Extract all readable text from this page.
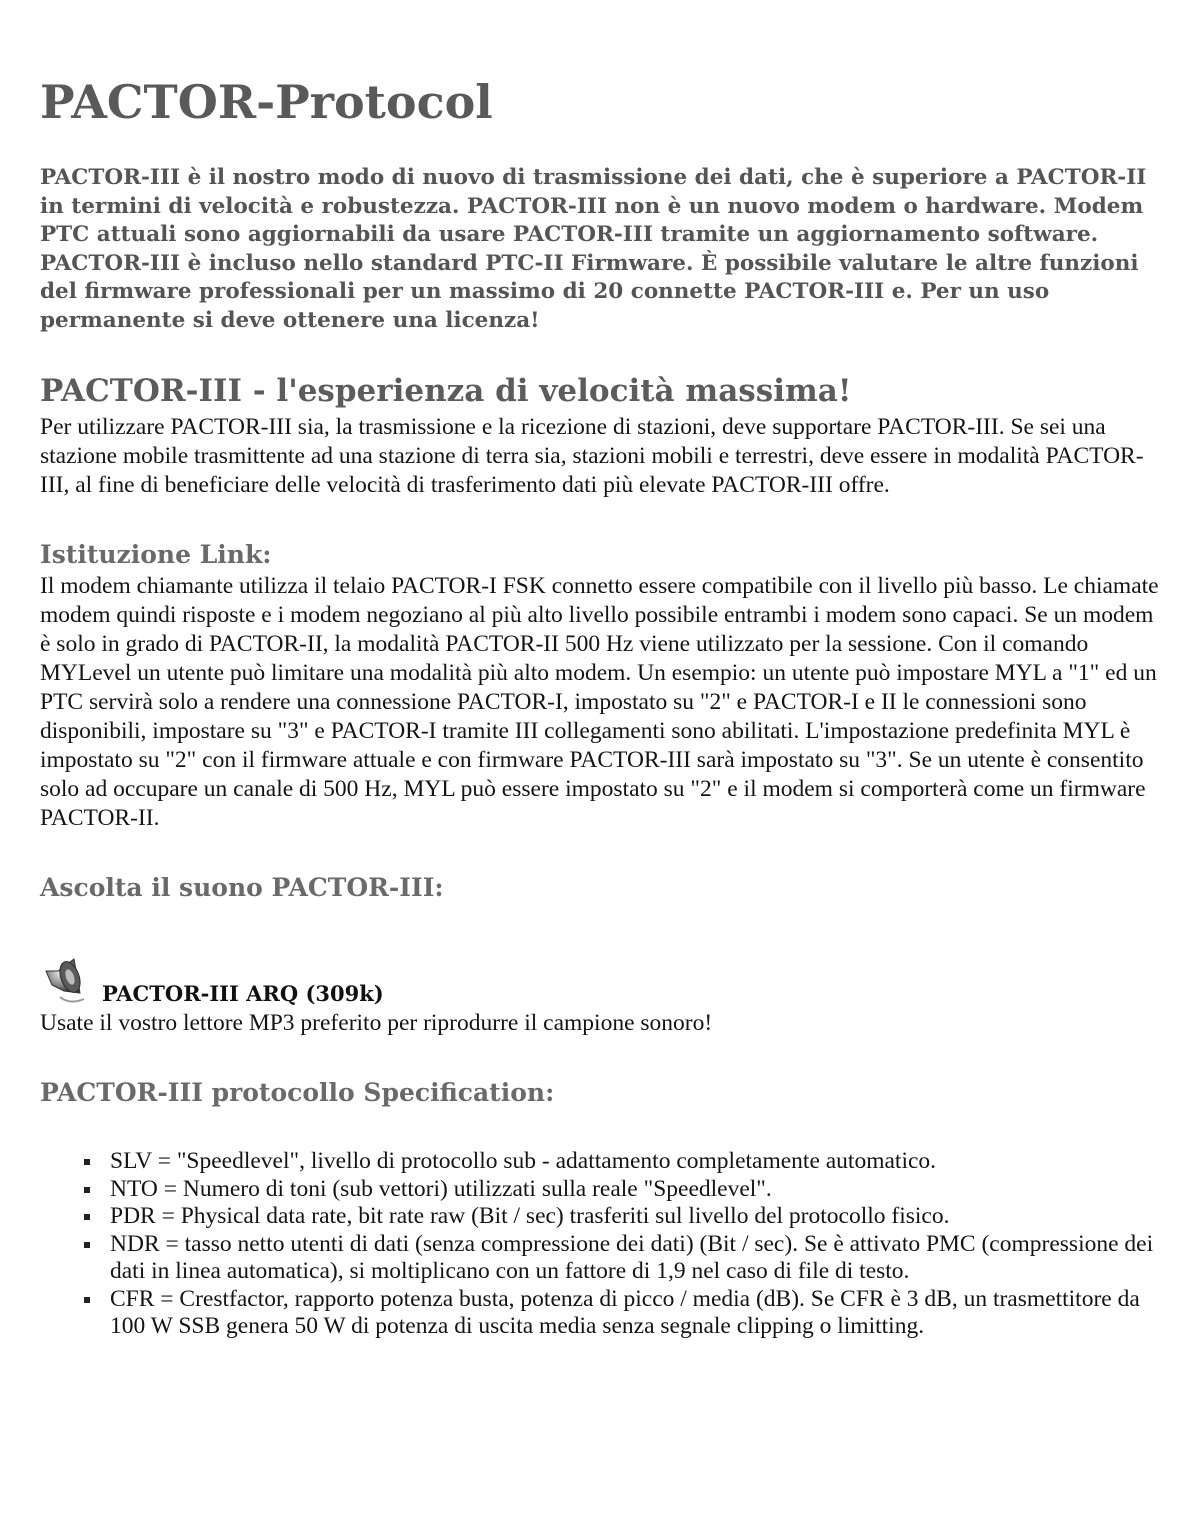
PACTOR-Protocol

PACTOR-III è il nostro modo di nuovo di trasmissione dei dati, che è superiore a PACTOR-II in termini di velocità e robustezza. PACTOR-III non è un nuovo modem o hardware. Modem PTC attuali sono aggiornabili da usare PACTOR-III tramite un aggiornamento software. PACTOR-III è incluso nello standard PTC-II Firmware. È possibile valutare le altre funzioni del firmware professionali per un massimo di 20 connette PACTOR-III e. Per un uso permanente si deve ottenere una licenza!

PACTOR-III - l'esperienza di velocità massima!

Per utilizzare PACTOR-III sia, la trasmissione e la ricezione di stazioni, deve supportare PACTOR-III. Se sei una stazione mobile trasmittente ad una stazione di terra sia, stazioni mobili e terrestri, deve essere in modalità PACTOR-III, al fine di beneficiare delle velocità di trasferimento dati più elevate PACTOR-III offre.

Istituzione Link:

Il modem chiamante utilizza il telaio PACTOR-I FSK connetto essere compatibile con il livello più basso. Le chiamate modem quindi risposte e i modem negoziano al più alto livello possibile entrambi i modem sono capaci. Se un modem è solo in grado di PACTOR-II, la modalità PACTOR-II 500 Hz viene utilizzato per la sessione. Con il comando MYLevel un utente può limitare una modalità più alto modem. Un esempio: un utente può impostare MYL a "1" ed un PTC servirà solo a rendere una connessione PACTOR-I, impostato su "2" e PACTOR-I e II le connessioni sono disponibili, impostare su "3" e PACTOR-I tramite III collegamenti sono abilitati. L'impostazione predefinita MYL è impostato su "2" con il firmware attuale e con firmware PACTOR-III sarà impostato su "3". Se un utente è consentito solo ad occupare un canale di 500 Hz, MYL può essere impostato su "2" e il modem si comporterà come un firmware PACTOR-II.

Ascolta il suono PACTOR-III:
PACTOR-III ARQ (309k)

Usate il vostro lettore MP3 preferito per riprodurre il campione sonoro!

PACTOR-III protocollo Specification:
SLV = "Speedlevel", livello di protocollo sub - adattamento completamente automatico.
NTO = Numero di toni (sub vettori) utilizzati sulla reale "Speedlevel".
PDR = Physical data rate, bit rate raw (Bit / sec) trasferiti sul livello del protocollo fisico.
NDR = tasso netto utenti di dati (senza compressione dei dati) (Bit / sec). Se è attivato PMC (compressione dei dati in linea automatica), si moltiplicano con un fattore di 1,9 nel caso di file di testo.
CFR = Crestfactor, rapporto potenza busta, potenza di picco / media (dB). Se CFR è 3 dB, un trasmettitore da 100 W SSB genera 50 W di potenza di uscita media senza segnale clipping o limitting.
